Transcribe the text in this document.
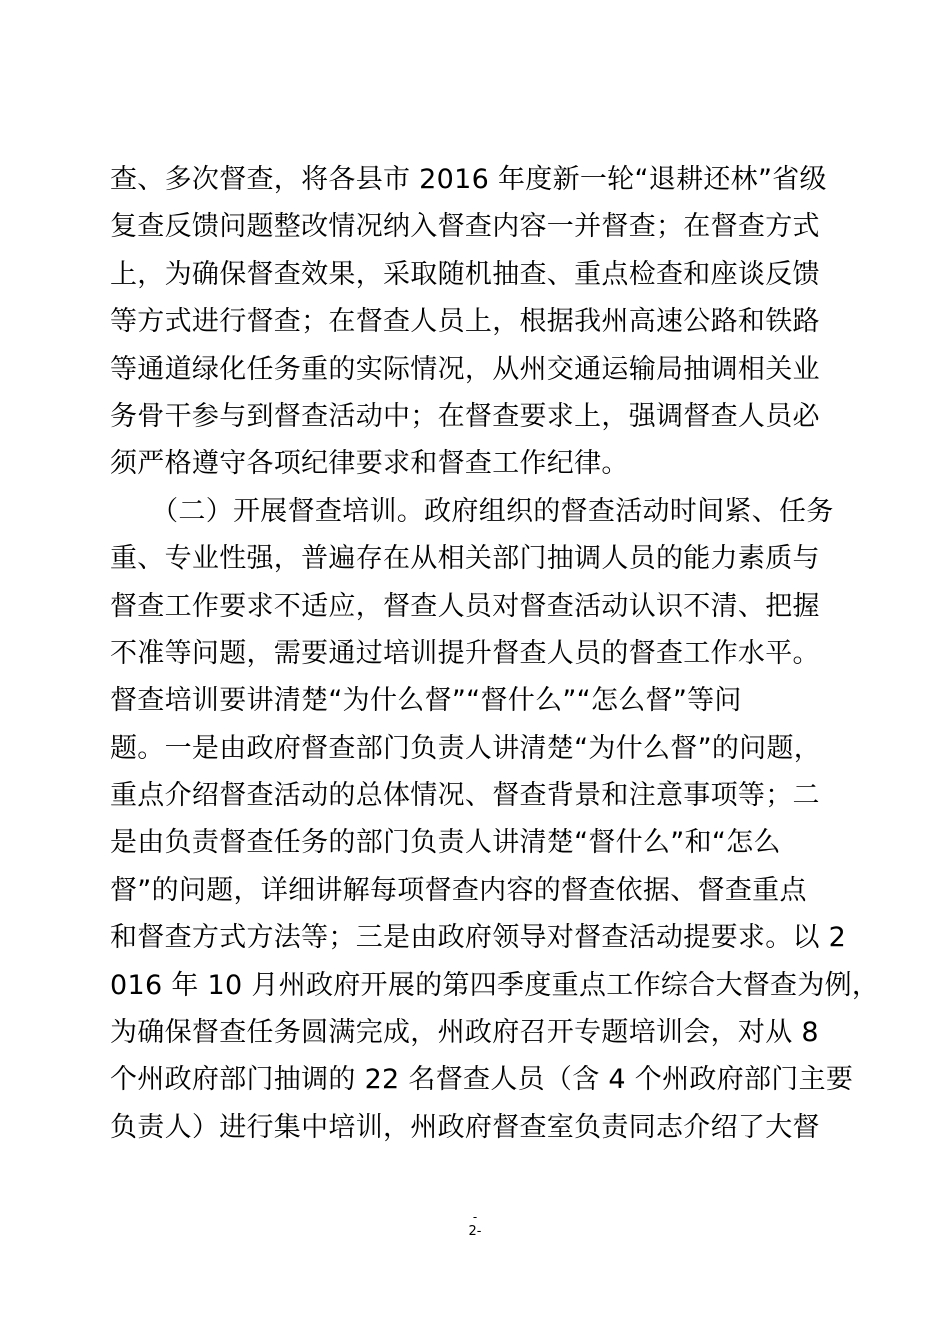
查、多次督查，将各县市 2016 年度新一轮“退耕还林”省级
复查反馈问题整改情况纳入督查内容一并督查；在督查方式
上，为确保督查效果，采取随机抽查、重点检查和座谈反馈
等方式进行督查；在督查人员上，根据我州高速公路和铁路
等通道绿化任务重的实际情况，从州交通运输局抽调相关业
务骨干参与到督查活动中；在督查要求上，强调督查人员必
须严格遵守各项纪律要求和督查工作纪律。
　　（二）开展督查培训。政府组织的督查活动时间紧、任务
重、专业性强，普遍存在从相关部门抽调人员的能力素质与
督查工作要求不适应，督查人员对督查活动认识不清、把握
不准等问题，需要通过培训提升督查人员的督查工作水平。
督查培训要讲清楚“为什么督”“督什么”“怎么督”等问
题。一是由政府督查部门负责人讲清楚“为什么督”的问题，
重点介绍督查活动的总体情况、督查背景和注意事项等；二
是由负责督查任务的部门负责人讲清楚“督什么”和“怎么
督”的问题，详细讲解每项督查内容的督查依据、督查重点
和督查方式方法等；三是由政府领导对督查活动提要求。以 2
016 年 10 月州政府开展的第四季度重点工作综合大督查为例，
为确保督查任务圆满完成，州政府召开专题培训会，对从 8
个州政府部门抽调的 22 名督查人员（含 4 个州政府部门主要
负责人）进行集中培训，州政府督查室负责同志介绍了大督
-
2-
